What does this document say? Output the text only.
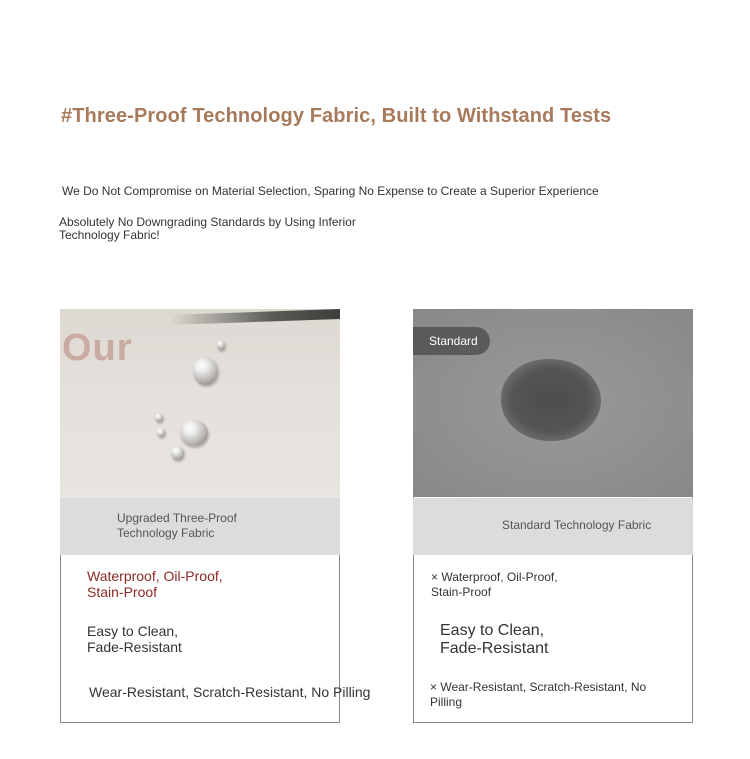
#Three-Proof Technology Fabric, Built to Withstand Tests
We Do Not Compromise on Material Selection, Sparing No Expense to Create a Superior Experience
Absolutely No Downgrading Standards by Using Inferior Technology Fabric!
Our
Upgraded Three-Proof Technology Fabric
Waterproof, Oil-Proof, Stain-Proof
Easy to Clean, Fade-Resistant
Wear-Resistant, Scratch-Resistant, No Pilling
Standard
Standard Technology Fabric
× Waterproof, Oil-Proof, Stain-Proof
Easy to Clean, Fade-Resistant
× Wear-Resistant, Scratch-Resistant, No Pilling
